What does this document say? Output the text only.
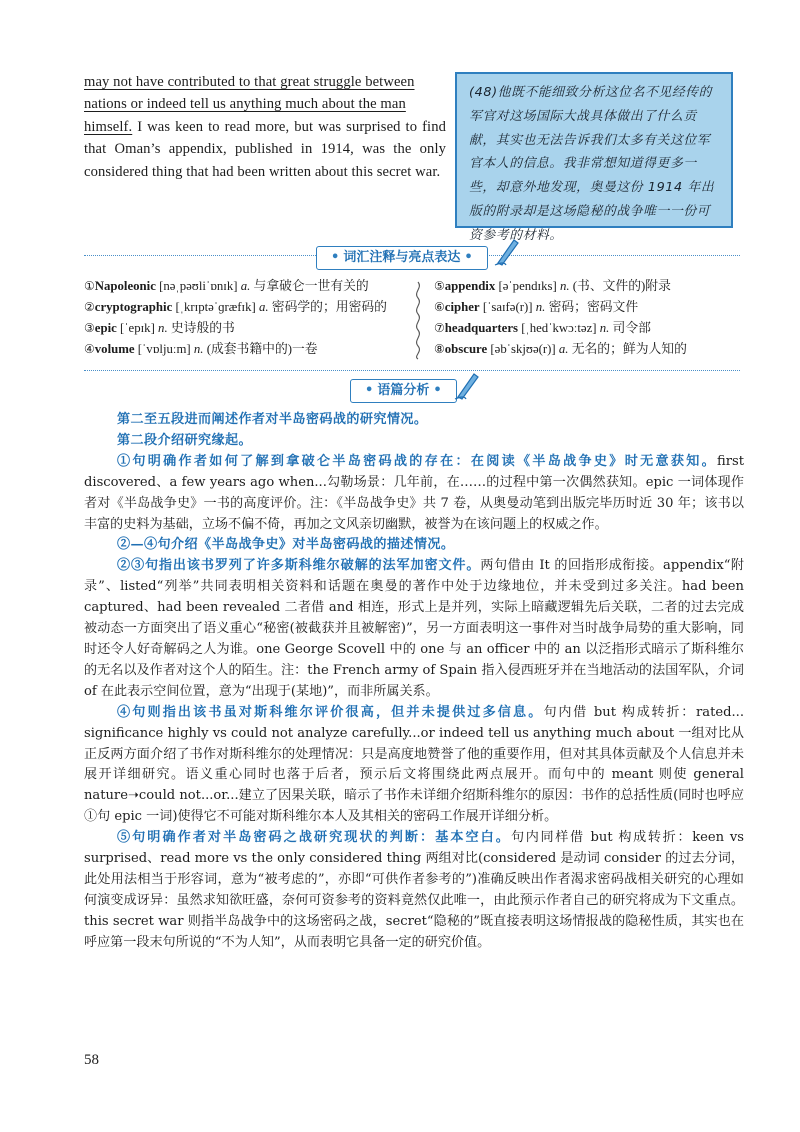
may not have contributed to that great struggle between
nations or indeed tell us anything much about the man
himself. I was keen to read more, but was surprised to find that Oman’s appendix, published in 1914, was the only considered thing that had been written about this secret war.
(48)他既不能细致分析这位名不见经传的军官对这场国际大战具体做出了什么贡献，其实也无法告诉我们太多有关这位军官本人的信息。我非常想知道得更多一些，却意外地发现，奥曼这份 1914 年出版的附录却是这场隐秘的战争唯一一份可资参考的材料。
• 词汇注释与亮点表达 •
①Napoleonic [nəˌpəʊliˈɒnɪk] a. 与拿破仑一世有关的
②cryptographic [ˌkrɪptəˈɡræfɪk] a. 密码学的；用密码的
③epic [ˈepɪk] n. 史诗般的书
④volume [ˈvɒljuːm] n. (成套书籍中的)一卷
⑤appendix [əˈpendɪks] n. (书、文件的)附录
⑥cipher [ˈsaɪfə(r)] n. 密码；密码文件
⑦headquarters [ˌhedˈkwɔːtəz] n. 司令部
⑧obscure [əbˈskjʊə(r)] a. 无名的；鲜为人知的
• 语篇分析 •

第二至五段进而阐述作者对半岛密码战的研究情况。

第二段介绍研究缘起。

①句明确作者如何了解到拿破仑半岛密码战的存在：在阅读《半岛战争史》时无意获知。first discovered、a few years ago when...勾勒场景：几年前，在……的过程中第一次偶然获知。epic 一词体现作者对《半岛战争史》一书的高度评价。注：《半岛战争史》共 7 卷，从奥曼动笔到出版完毕历时近 30 年；该书以丰富的史料为基础，立场不偏不倚，再加之文风亲切幽默，被誉为在该问题上的权威之作。

②—④句介绍《半岛战争史》对半岛密码战的描述情况。

②③句指出该书罗列了许多斯科维尔破解的法军加密文件。两句借由 It 的回指形成衔接。appendix“附录”、listed“列举”共同表明相关资料和话题在奥曼的著作中处于边缘地位，并未受到过多关注。had been captured、had been revealed 二者借 and 相连，形式上是并列，实际上暗藏逻辑先后关联，二者的过去完成被动态一方面突出了语义重心“秘密(被截获并且被解密)”，另一方面表明这一事件对当时战争局势的重大影响，同时还令人好奇解码之人为谁。one George Scovell 中的 one 与 an officer 中的 an 以泛指形式暗示了斯科维尔的无名以及作者对这个人的陌生。注：the French army of Spain 指入侵西班牙并在当地活动的法国军队，介词 of 在此表示空间位置，意为“出现于(某地)”，而非所属关系。

④句则指出该书虽对斯科维尔评价很高，但并未提供过多信息。句内借 but 构成转折：rated... significance highly vs could not analyze carefully...or indeed tell us anything much about 一组对比从正反两方面介绍了书作对斯科维尔的处理情况：只是高度地赞誉了他的重要作用，但对其具体贡献及个人信息并未展开详细研究。语义重心同时也落于后者，预示后文将围绕此两点展开。而句中的 meant 则使 general nature➝could not...or...建立了因果关联，暗示了书作未详细介绍斯科维尔的原因：书作的总括性质(同时也呼应①句 epic 一词)使得它不可能对斯科维尔本人及其相关的密码工作展开详细分析。

⑤句明确作者对半岛密码之战研究现状的判断：基本空白。句内同样借 but 构成转折：keen vs surprised、read more vs the only considered thing 两组对比(considered 是动词 consider 的过去分词，此处用法相当于形容词，意为“被考虑的”，亦即“可供作者参考的”)准确反映出作者渴求密码战相关研究的心理如何演变成讶异：虽然求知欲旺盛，奈何可资参考的资料竟然仅此唯一，由此预示作者自己的研究将成为下文重点。this secret war 则指半岛战争中的这场密码之战，secret“隐秘的”既直接表明这场情报战的隐秘性质，其实也在呼应第一段末句所说的“不为人知”，从而表明它具备一定的研究价值。

58
